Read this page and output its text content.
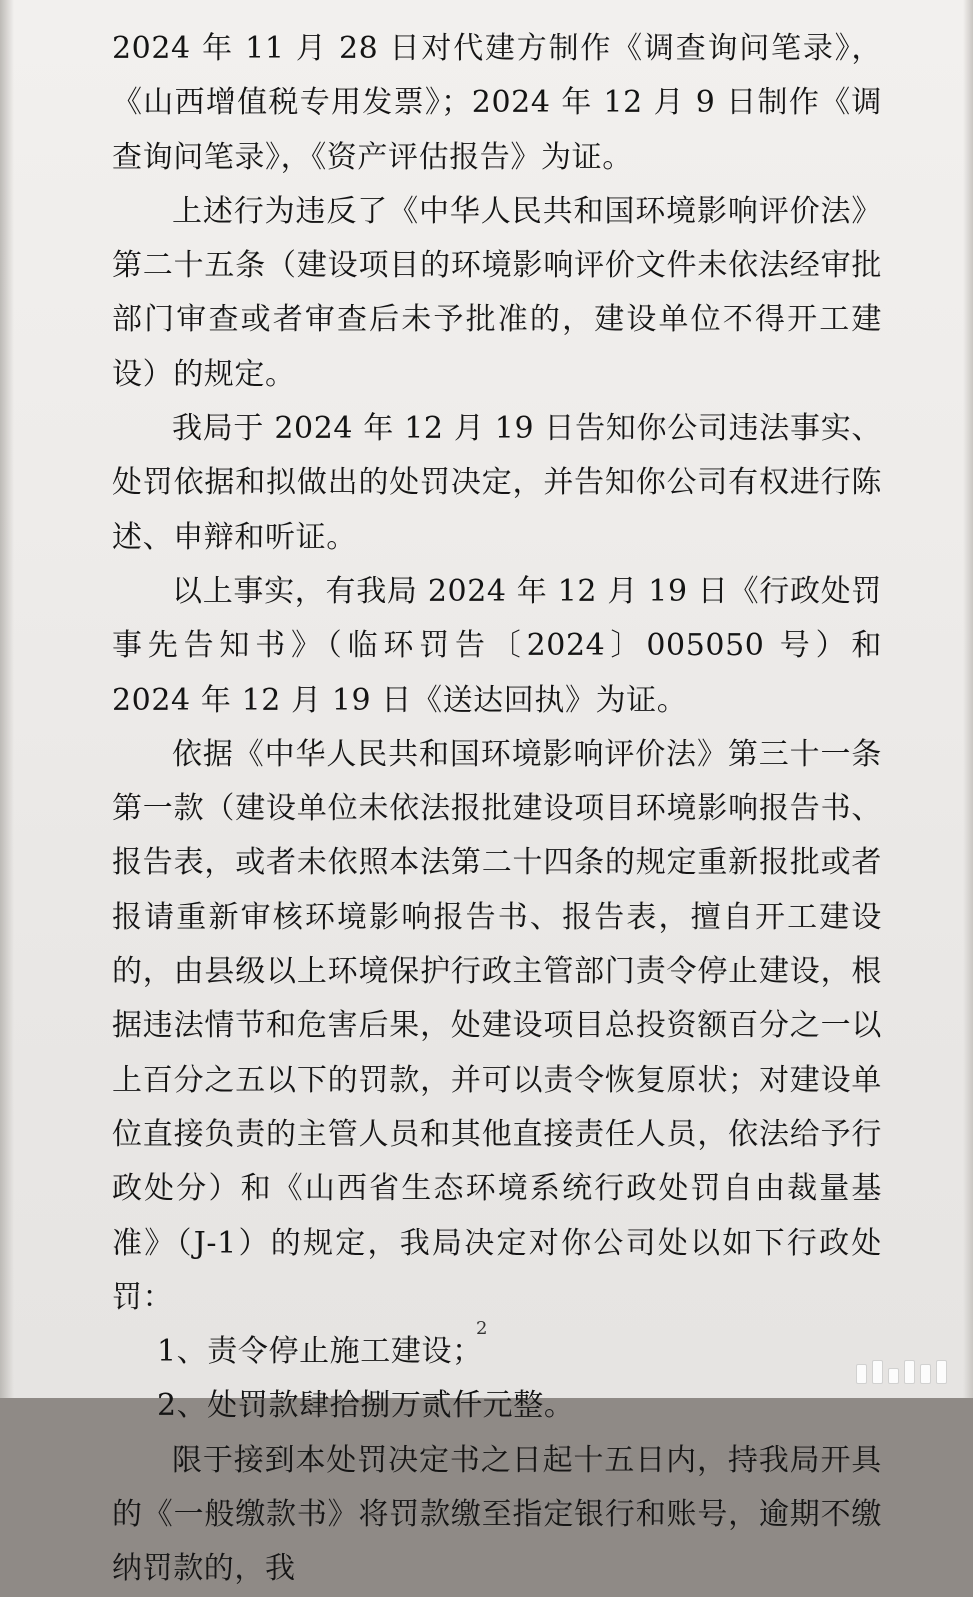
2024 年 11 月 28 日对代建方制作《调查询问笔录》，《山西增值税专用发票》；2024 年 12 月 9 日制作《调查询问笔录》，《资产评估报告》为证。

上述行为违反了《中华人民共和国环境影响评价法》第二十五条（建设项目的环境影响评价文件未依法经审批部门审查或者审查后未予批准的，建设单位不得开工建设）的规定。

我局于 2024 年 12 月 19 日告知你公司违法事实、处罚依据和拟做出的处罚决定，并告知你公司有权进行陈述、申辩和听证。

以上事实，有我局 2024 年 12 月 19 日《行政处罚事先告知书》（临环罚告〔2024〕005050 号）和 2024 年 12 月 19 日《送达回执》为证。

依据《中华人民共和国环境影响评价法》第三十一条第一款（建设单位未依法报批建设项目环境影响报告书、报告表，或者未依照本法第二十四条的规定重新报批或者报请重新审核环境影响报告书、报告表，擅自开工建设的，由县级以上环境保护行政主管部门责令停止建设，根据违法情节和危害后果，处建设项目总投资额百分之一以上百分之五以下的罚款，并可以责令恢复原状；对建设单位直接负责的主管人员和其他直接责任人员，依法给予行政处分）和《山西省生态环境系统行政处罚自由裁量基准》（J-1）的规定，我局决定对你公司处以如下行政处罚：

1、责令停止施工建设；

2、处罚款肆拾捌万贰仟元整。

限于接到本处罚决定书之日起十五日内，持我局开具的《一般缴款书》将罚款缴至指定银行和账号，逾期不缴纳罚款的，我

2
